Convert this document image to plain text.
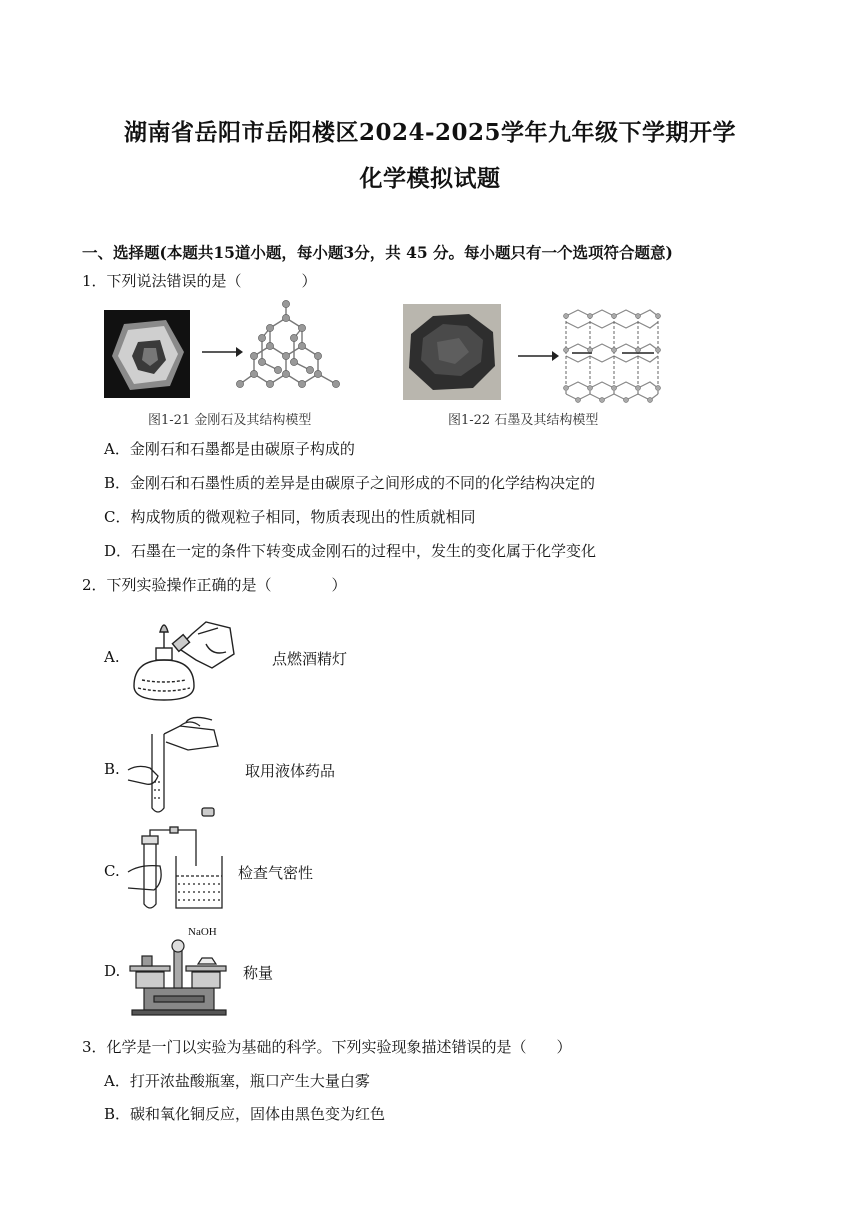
湖南省岳阳市岳阳楼区2024-2025学年九年级下学期开学
化学模拟试题
一、选择题(本题共15道小题，每小题3分，共 45 分。每小题只有一个选项符合题意)
1．下列说法错误的是（　　　　）
图1-21 金刚石及其结构模型	图1-22 石墨及其结构模型
A．金刚石和石墨都是由碳原子构成的
B．金刚石和石墨性质的差异是由碳原子之间形成的不同的化学结构决定的
C．构成物质的微观粒子相同，物质表现出的性质就相同
D．石墨在一定的条件下转变成金刚石的过程中，发生的变化属于化学变化
2．下列实验操作正确的是（　　　　）
A.	点燃酒精灯
B.	取用液体药品
C.	检查气密性
D.
NaOH
称量
3．化学是一门以实验为基础的科学。下列实验现象描述错误的是（　　）
A．打开浓盐酸瓶塞，瓶口产生大量白雾
B．碳和氧化铜反应，固体由黑色变为红色
